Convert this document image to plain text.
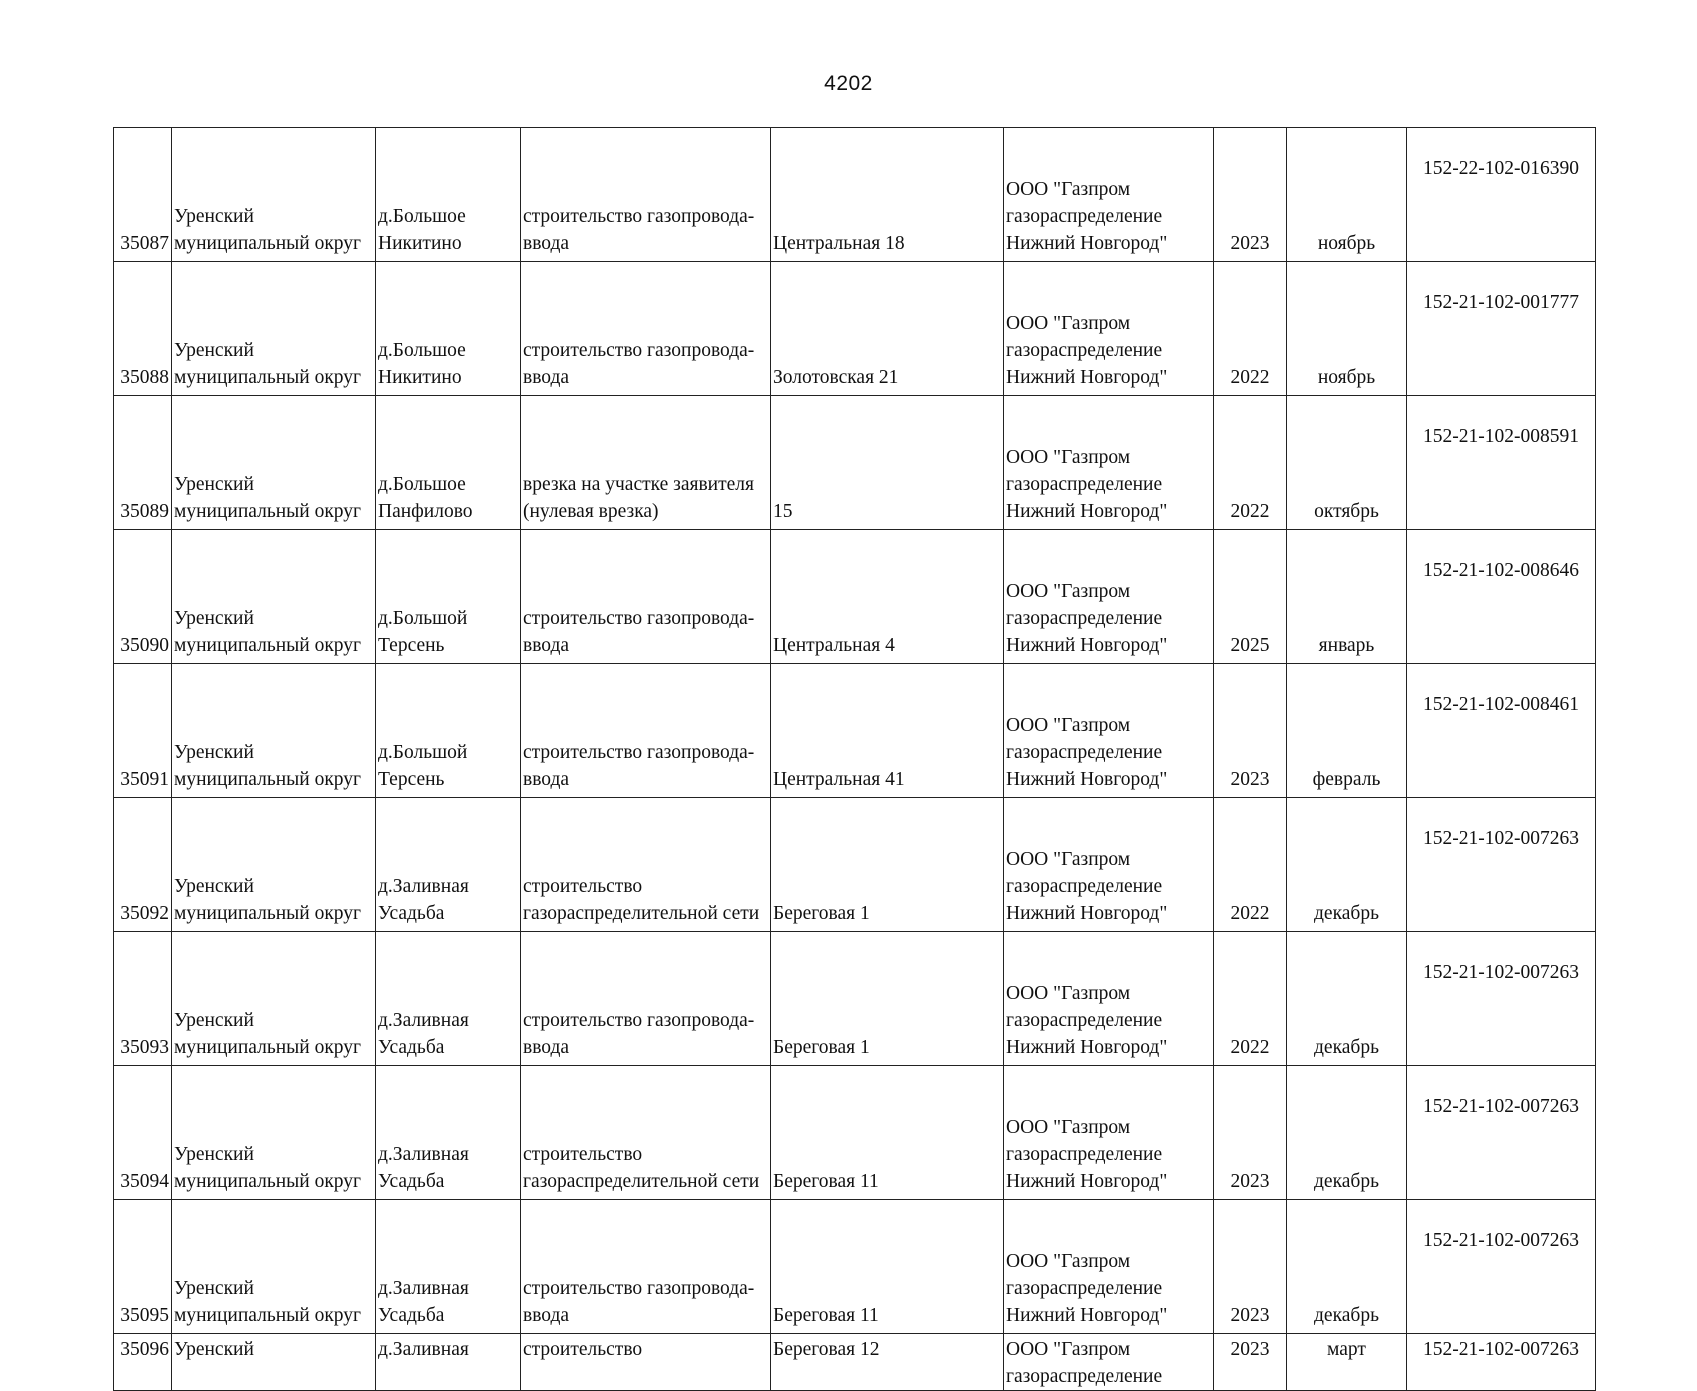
4202
35087	Уренский
муниципальный округ	д.Большое
Никитино	строительство газопровода-
ввода	Центральная 18	ООО "Газпром
газораспределение
Нижний Новгород"	2023	ноябрь	152-22-102-016390
35088	Уренский
муниципальный округ	д.Большое
Никитино	строительство газопровода-
ввода	Золотовская 21	ООО "Газпром
газораспределение
Нижний Новгород"	2022	ноябрь	152-21-102-001777
35089	Уренский
муниципальный округ	д.Большое
Панфилово	врезка на участке заявителя
(нулевая врезка)	15	ООО "Газпром
газораспределение
Нижний Новгород"	2022	октябрь	152-21-102-008591
35090	Уренский
муниципальный округ	д.Большой
Терсень	строительство газопровода-
ввода	Центральная 4	ООО "Газпром
газораспределение
Нижний Новгород"	2025	январь	152-21-102-008646
35091	Уренский
муниципальный округ	д.Большой
Терсень	строительство газопровода-
ввода	Центральная 41	ООО "Газпром
газораспределение
Нижний Новгород"	2023	февраль	152-21-102-008461
35092	Уренский
муниципальный округ	д.Заливная
Усадьба	строительство
газораспределительной сети	Береговая 1	ООО "Газпром
газораспределение
Нижний Новгород"	2022	декабрь	152-21-102-007263
35093	Уренский
муниципальный округ	д.Заливная
Усадьба	строительство газопровода-
ввода	Береговая 1	ООО "Газпром
газораспределение
Нижний Новгород"	2022	декабрь	152-21-102-007263
35094	Уренский
муниципальный округ	д.Заливная
Усадьба	строительство
газораспределительной сети	Береговая 11	ООО "Газпром
газораспределение
Нижний Новгород"	2023	декабрь	152-21-102-007263
35095	Уренский
муниципальный округ	д.Заливная
Усадьба	строительство газопровода-
ввода	Береговая 11	ООО "Газпром
газораспределение
Нижний Новгород"	2023	декабрь	152-21-102-007263
35096	Уренский	д.Заливная	строительство	Береговая 12	ООО "Газпром
газораспределение	2023	март	152-21-102-007263
